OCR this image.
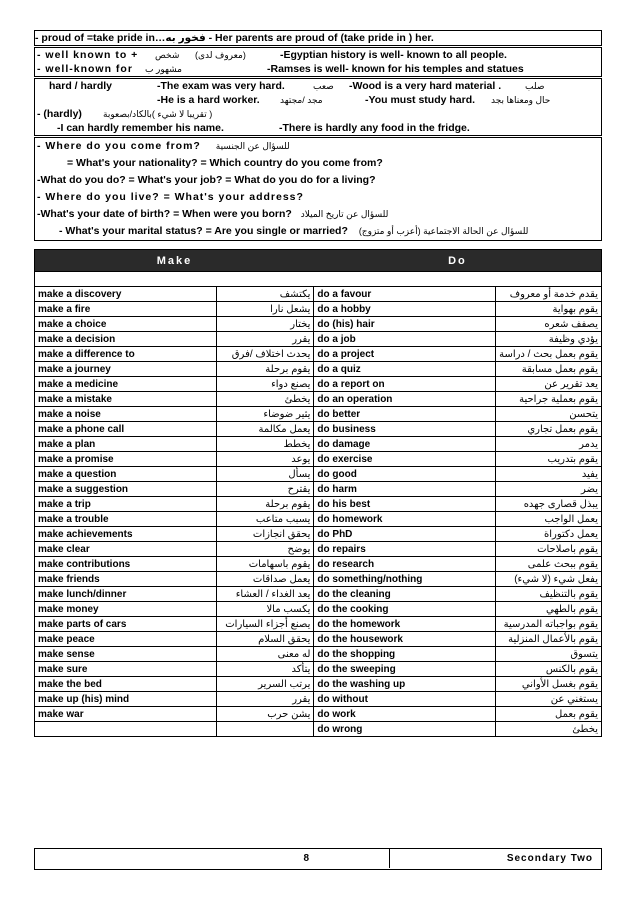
- proud of =take pride in…فخور به - Her parents are proud of (take pride in ) her.
- well known to + شخص (معروف لدى)	-Egyptian history is well- known to all people.
- well-known for مشهور ب	-Ramses is well- known for his temples and statues
hard / hardly	-The exam was very hard.	صعب -Wood is a very hard material .	صلب
-He is a hard worker. مجد /مجتهد	-You must study hard. حال ومعناها بجد
- (hardly) ( تقريبا لا شيء )بالكاد/بصعوبة
-I can hardly remember his name.	-There is hardly any food in the fridge.
- Where do you come from? للسؤال عن الجنسية
= What's your nationality? = Which country do you come from?
-What do you do? = What's your job? = What do you do for a living?
- Where do you live? = What's your address?
-What's your date of birth? = When were you born? للسؤال عن تاريخ الميلاد
- What's your marital status? = Are you single or married? للسؤال عن الحالة الاجتماعية (أعزب أو متزوج)
Make		Do	

make a discovery	يكتشف	do a favour	يقدم خدمة أو معروف
make a fire	يشعل نارا	do a hobby	يقوم بهواية
make a choice	يختار	do (his) hair	يصفف شعره
make a decision	يقرر	do a job	يؤدي وظيفة
make a difference to	يحدث اختلاف /فرق	do a project	يقوم بعمل بحث / دراسة
make a journey	يقوم برحلة	do a quiz	يقوم بعمل مسابقة
make a medicine	يصنع دواء	do a report on	يعد تقرير عن
make a mistake	يخطئ	do an operation	يقوم بعملية جراحية
make a noise	يثير ضوضاء	do better	يتحسن
make a phone call	يعمل مكالمة	do business	يقوم بعمل تجاري
make a plan	يخطط	do damage	يدمر
make a promise	يوعد	do exercise	يقوم بتدريب
make a question	يسأل	do good	يفيد
make a suggestion	يقترح	do harm	يضر
make a trip	يقوم برحلة	do his best	يبذل قصارى جهده
make a trouble	يسبب متاعب	do homework	يعمل الواجب
make achievements	يحقق انجازات	do PhD	يعمل دكتوراة
make clear	يوضح	do repairs	يقوم باصلاحات
make contributions	يقوم باسهامات	do research	يقوم ببحث علمى
make friends	يعمل صداقات	do something/nothing	يفعل شيء (لا شيء)
make lunch/dinner	يعد الغداء / العشاء	do the cleaning	يقوم بالتنظيف
make money	يكسب مالا	do the cooking	يقوم بالطهي
make parts of cars	يصنع أجزاء السيارات	do the homework	يقوم بواجباته المدرسية
make peace	يحقق السلام	do the housework	يقوم بالأعمال المنزلية
make sense	له معنى	do the shopping	يتسوق
make sure	يتأكد	do the sweeping	يقوم بالكنس
make the bed	يرتب السرير	do the washing up	يقوم بغسل الأواني
make up (his) mind	يقرر	do without	يستغني عن
make war	يشن حرب	do work	يقوم بعمل
		do wrong	يخطئ
8	Secondary Two
